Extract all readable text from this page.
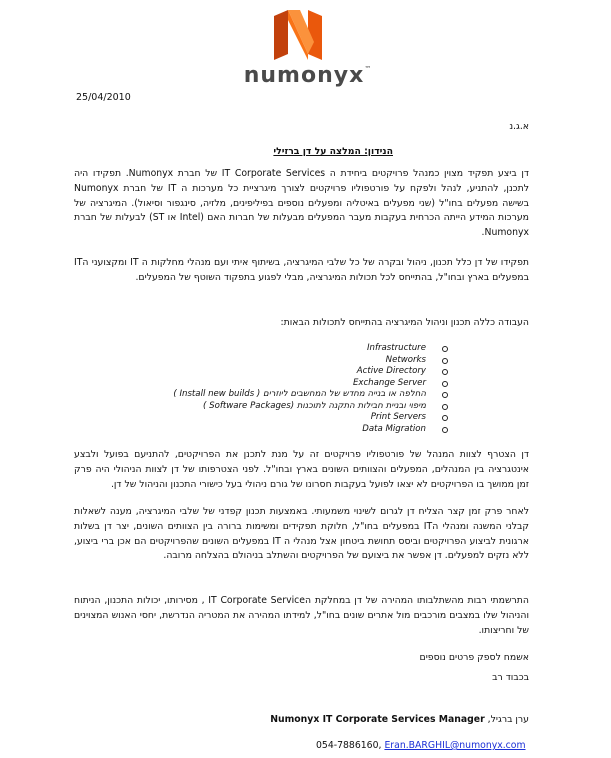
numonyx™
25/04/2010
א.ג.נ
הנידון: המלצה על דן ברזילי
דן ביצע תפקיד מצוין כמנהל פרויקטים ביחידת ה IT Corporate Services של חברת Numonyx. תפקידו היה לתכנן, להתניע, לנהל ולפקח על פורטפוליו פרויקטים לצורך מיגרציית כל מערכות ה IT של חברת Numonyx בשישה מפעלים בחו"ל (שני מפעלים באיטליה ומפעלים נוספים בפיליפינים, מלזיה, סינגפור וסיאול). המיגרציה של מערכות המידע הייתה הכרחית בעקבות מעבר המפעלים מבעלות של חברות האם (Intel או ST) לבעלות של חברת Numonyx.
תפקידו של דן כלל תכנון, ניהול ובקרה של כל שלבי המיגרציה, בשיתוף איתי ועם מנהלי מחלקות ה IT ומקצועני הIT במפעלים בארץ ובחו"ל, בהתייחס לכל תכולות המיגרציה, מבלי לפגוע בתפקוד השוטף של המפעלים.
העבודה כללה תכנון וניהול המיגרציה בהתייחס לתכולות הבאות:
Infrastructure
Networks
Active Directory
Exchange Server
החלפה או בנייה מחדש של המחשבים ליוזרים ( Install new builds )
מיפוי ובניית חבילות התקנה לתוכנות (Software Packages )
Print Servers
Data Migration
דן הצטרף לצוות המנהל של פורטפוליו פרויקטים זה על מנת לתכנן את הפרויקטים, להתניעם בפועל ולבצע אינטגרציה בין המנהלים, המפעלים והצוותים השונים בארץ ובחו"ל. לפני הצטרפותו של דן לצוות הניהולי היה פרק זמן ממושך בו הפרויקטים לא יצאו לפועל בעקבות חסרונו של גורם ניהולי בעל כישורי התכנון והניהול של דן.
לאחר פרק זמן קצר הצליח דן לגרום לשינוי משמעותי. באמצעות תכנון קפדני של שלבי המיגרציה, מענה לשאלות קבלני המשנה ומנהלי הIT במפעלים בחו"ל, חלוקת תפקידים ומשימות ברורה בין הצוותים השונים, יצר דן בשלות ארגונית לביצוע הפרויקטים וביסס תחושת ביטחון אצל מנהלי ה IT במפעלים השונים שהפרויקטים הם אכן ברי ביצוע, ללא נזקים למפעלים. דן אפשר את ביצועם של הפרויקטים והשתלב בניהולם בהצלחה מרובה.
התרשמתי רבות מהשתלבותו המהירה של דן במחלקת הIT Corporate Service , מסירותו, יכולות התכנון, הניתוח והניהול שלו במצבים מורכבים מול אתרים שונים בחו"ל, למידתו המהירה את המטריה הנדרשת, יחסי האנוש המצוינים של וחריצותו.
אשמח לספק פרטים נוספים
בכבוד רב
ערן ברגיל, Numonyx IT Corporate Services Manager
054-7886160, Eran.BARGHIL@numonyx.com
